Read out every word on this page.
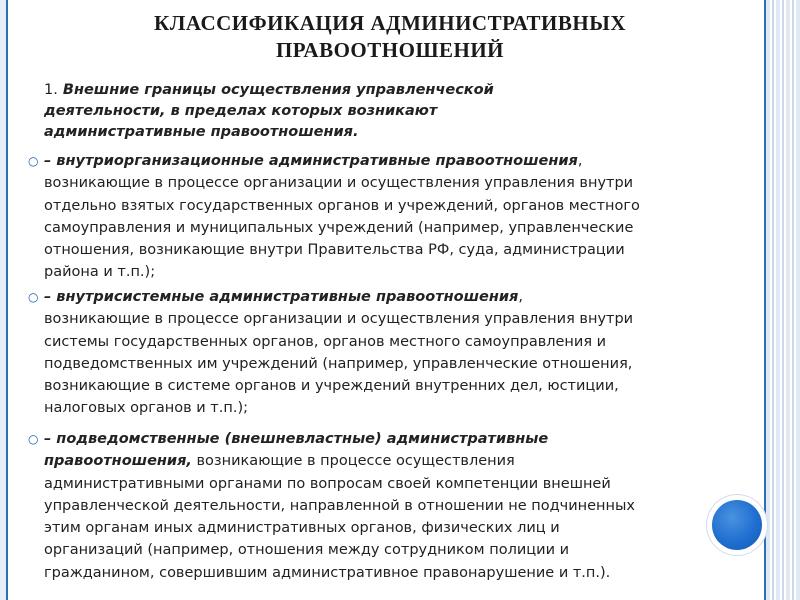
КЛАССИФИКАЦИЯ АДМИНИСТРАТИВНЫХ
ПРАВООТНОШЕНИЙ
1. Внешние границы осуществления управленческой
деятельности, в пределах которых возникают
административные правоотношения.
○ – внутриорганизационные административные правоотношения,
возникающие в процессе организации и осуществления управления внутри
отдельно взятых государственных органов и учреждений, органов местного
самоуправления и муниципальных учреждений (например, управленческие
отношения, возникающие внутри Правительства РФ, суда, администрации
района и т.п.);
○ – внутрисистемные административные правоотношения,
возникающие в процессе организации и осуществления управления внутри
системы государственных органов, органов местного самоуправления и
подведомственных им учреждений (например, управленческие отношения,
возникающие в системе органов и учреждений внутренних дел, юстиции,
налоговых органов и т.п.);
○ – подведомственные (внешневластные) административные
правоотношения, возникающие в процессе осуществления
административными органами по вопросам своей компетенции внешней
управленческой деятельности, направленной в отношении не подчиненных
этим органам иных административных органов, физических лиц и
организаций (например, отношения между сотрудником полиции и
гражданином, совершившим административное правонарушение и т.п.).
